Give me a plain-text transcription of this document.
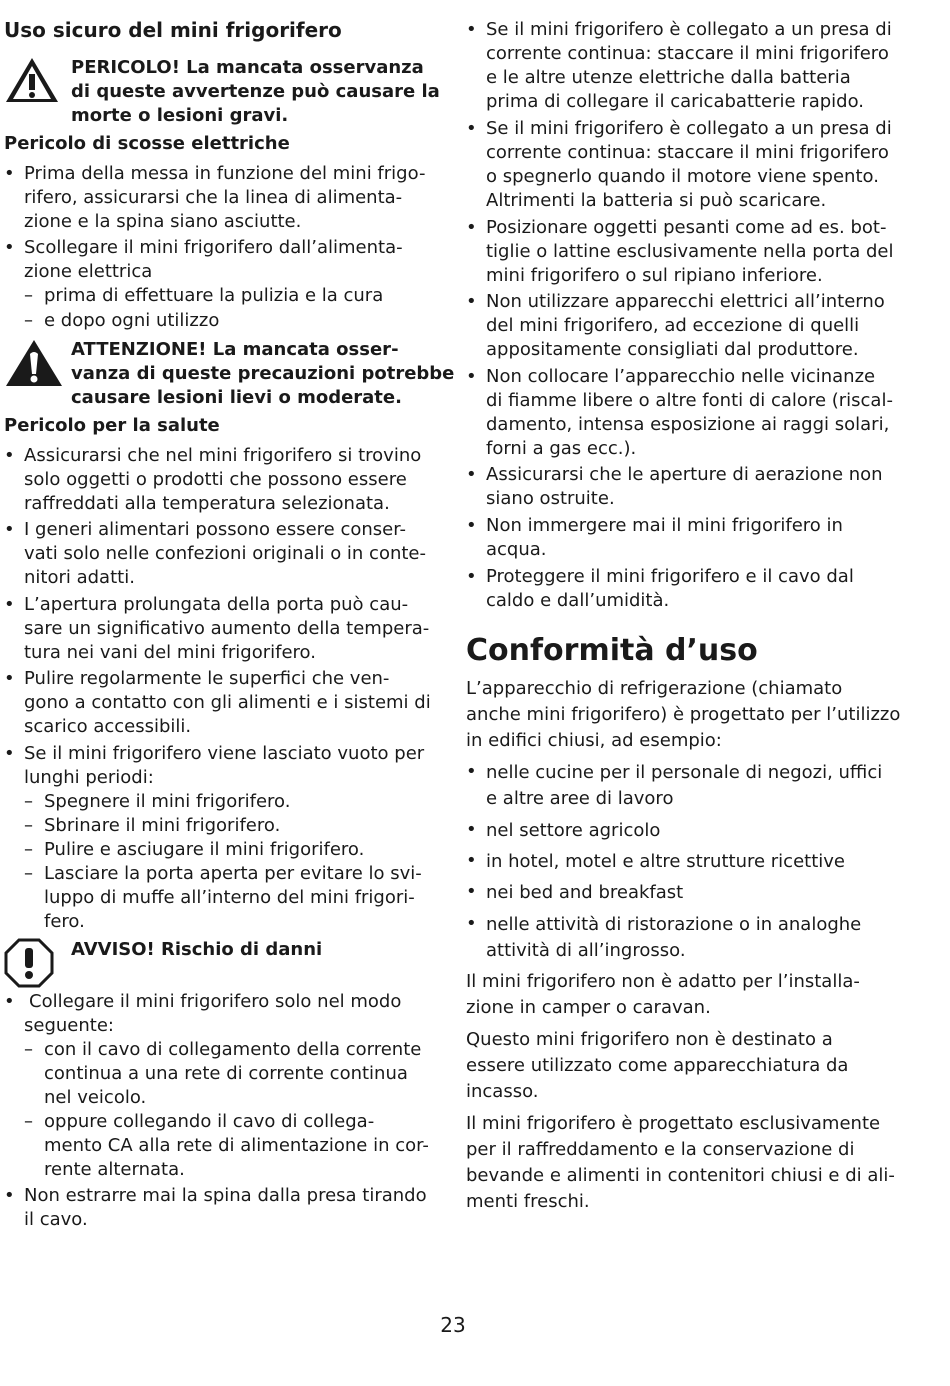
Uso sicuro del mini frigorifero
PERICOLO! La mancata osservanza
di queste avvertenze può causare la
morte o lesioni gravi.
Pericolo di scosse elettriche
• Prima della messa in funzione del mini frigo-
rifero, assicurarsi che la linea di alimenta-
zione e la spina siano asciutte.
• Scollegare il mini frigorifero dall’alimenta-
zione elettrica
– prima di effettuare la pulizia e la cura
– e dopo ogni utilizzo
ATTENZIONE! La mancata osser-
vanza di queste precauzioni potrebbe
causare lesioni lievi o moderate.
Pericolo per la salute
• Assicurarsi che nel mini frigorifero si trovino
solo oggetti o prodotti che possono essere
raffreddati alla temperatura selezionata.
• I generi alimentari possono essere conser-
vati solo nelle confezioni originali o in conte-
nitori adatti.
• L’apertura prolungata della porta può cau-
sare un significativo aumento della tempera-
tura nei vani del mini frigorifero.
• Pulire regolarmente le superfici che ven-
gono a contatto con gli alimenti e i sistemi di
scarico accessibili.
• Se il mini frigorifero viene lasciato vuoto per
lunghi periodi:
– Spegnere il mini frigorifero.
– Sbrinare il mini frigorifero.
– Pulire e asciugare il mini frigorifero.
– Lasciare la porta aperta per evitare lo svi-
luppo di muffe all’interno del mini frigori-
fero.
AVVISO! Rischio di danni
• Collegare il mini frigorifero solo nel modo
seguente:
– con il cavo di collegamento della corrente
continua a una rete di corrente continua
nel veicolo.
– oppure collegando il cavo di collega-
mento CA alla rete di alimentazione in cor-
rente alternata.
• Non estrarre mai la spina dalla presa tirando
il cavo.
• Se il mini frigorifero è collegato a un presa di
corrente continua: staccare il mini frigorifero
e le altre utenze elettriche dalla batteria
prima di collegare il caricabatterie rapido.
• Se il mini frigorifero è collegato a un presa di
corrente continua: staccare il mini frigorifero
o spegnerlo quando il motore viene spento.
Altrimenti la batteria si può scaricare.
• Posizionare oggetti pesanti come ad es. bot-
tiglie o lattine esclusivamente nella porta del
mini frigorifero o sul ripiano inferiore.
• Non utilizzare apparecchi elettrici all’interno
del mini frigorifero, ad eccezione di quelli
appositamente consigliati dal produttore.
• Non collocare l’apparecchio nelle vicinanze
di fiamme libere o altre fonti di calore (riscal-
damento, intensa esposizione ai raggi solari,
forni a gas ecc.).
• Assicurarsi che le aperture di aerazione non
siano ostruite.
• Non immergere mai il mini frigorifero in
acqua.
• Proteggere il mini frigorifero e il cavo dal
caldo e dall’umidità.
Conformità d’uso
L’apparecchio di refrigerazione (chiamato
anche mini frigorifero) è progettato per l’utilizzo
in edifici chiusi, ad esempio:
• nelle cucine per il personale di negozi, uffici
e altre aree di lavoro
• nel settore agricolo
• in hotel, motel e altre strutture ricettive
• nei bed and breakfast
• nelle attività di ristorazione o in analoghe
attività di all’ingrosso.
Il mini frigorifero non è adatto per l’installa-
zione in camper o caravan.
Questo mini frigorifero non è destinato a
essere utilizzato come apparecchiatura da
incasso.
Il mini frigorifero è progettato esclusivamente
per il raffreddamento e la conservazione di
bevande e alimenti in contenitori chiusi e di ali-
menti freschi.
23
